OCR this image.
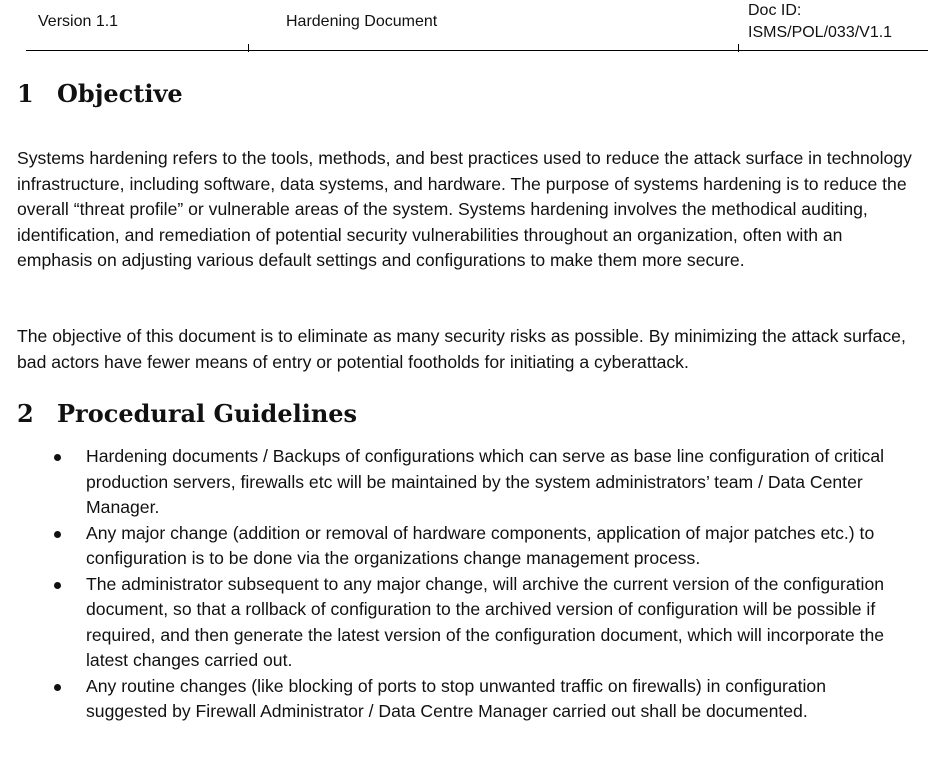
Version 1.1	Hardening Document
Doc ID:
ISMS/POL/033/V1.1
1 Objective

Systems hardening refers to the tools, methods, and best practices used to reduce the attack surface in technology infrastructure, including software, data systems, and hardware. The purpose of systems hardening is to reduce the overall “threat profile” or vulnerable areas of the system. Systems hardening involves the methodical auditing, identification, and remediation of potential security vulnerabilities throughout an organization, often with an emphasis on adjusting various default settings and configurations to make them more secure.

The objective of this document is to eliminate as many security risks as possible. By minimizing the attack surface, bad actors have fewer means of entry or potential footholds for initiating a cyberattack.

2 Procedural Guidelines
Hardening documents / Backups of configurations which can serve as base line configuration of critical production servers, firewalls etc will be maintained by the system administrators’ team / Data Center Manager.
Any major change (addition or removal of hardware components, application of major patches etc.) to configuration is to be done via the organizations change management process.
The administrator subsequent to any major change, will archive the current version of the configuration document, so that a rollback of configuration to the archived version of configuration will be possible if required, and then generate the latest version of the configuration document, which will incorporate the latest changes carried out.
Any routine changes (like blocking of ports to stop unwanted traffic on firewalls) in configuration suggested by Firewall Administrator / Data Centre Manager carried out shall be documented.
